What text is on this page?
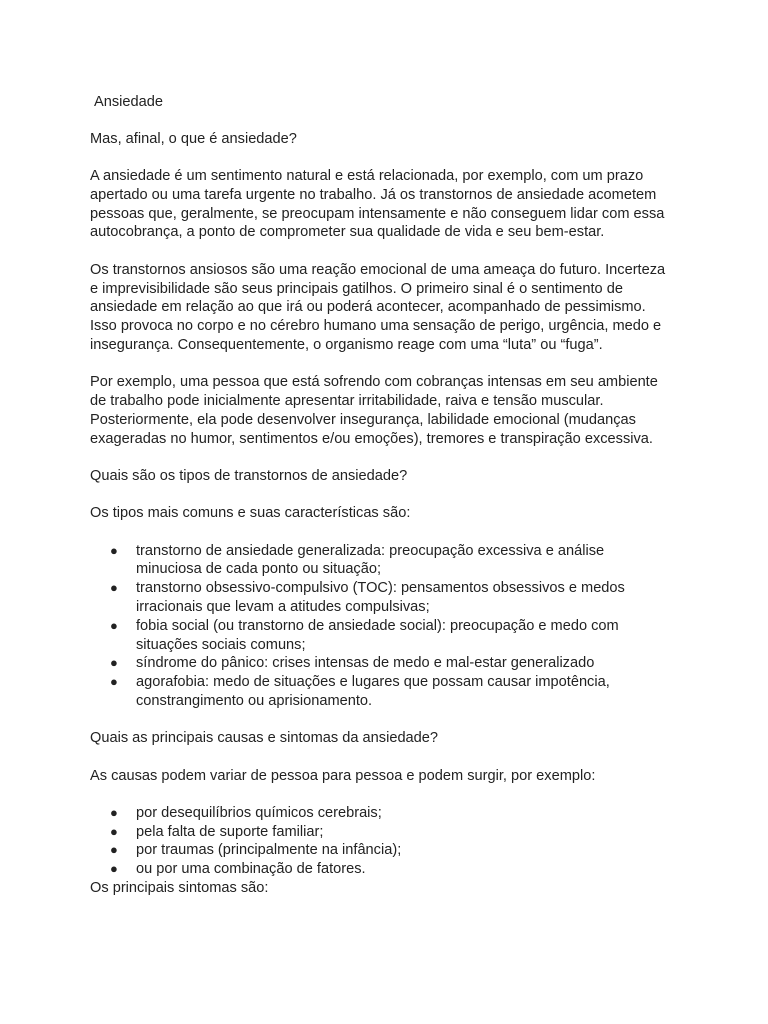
Ansiedade

Mas, afinal, o que é ansiedade?

A ansiedade é um sentimento natural e está relacionada, por exemplo, com um prazo apertado ou uma tarefa urgente no trabalho. Já os transtornos de ansiedade acometem pessoas que, geralmente, se preocupam intensamente e não conseguem lidar com essa autocobrança, a ponto de comprometer sua qualidade de vida e seu bem-estar.

Os transtornos ansiosos são uma reação emocional de uma ameaça do futuro. Incerteza e imprevisibilidade são seus principais gatilhos. O primeiro sinal é o sentimento de ansiedade em relação ao que irá ou poderá acontecer, acompanhado de pessimismo. Isso provoca no corpo e no cérebro humano uma sensação de perigo, urgência, medo e insegurança. Consequentemente, o organismo reage com uma “luta” ou “fuga”.

Por exemplo, uma pessoa que está sofrendo com cobranças intensas em seu ambiente de trabalho pode inicialmente apresentar irritabilidade, raiva e tensão muscular. Posteriormente, ela pode desenvolver insegurança, labilidade emocional (mudanças exageradas no humor, sentimentos e/ou emoções), tremores e transpiração excessiva.

Quais são os tipos de transtornos de ansiedade?

Os tipos mais comuns e suas características são:

● transtorno de ansiedade generalizada: preocupação excessiva e análise minuciosa de cada ponto ou situação;
● transtorno obsessivo-compulsivo (TOC): pensamentos obsessivos e medos irracionais que levam a atitudes compulsivas;
● fobia social (ou transtorno de ansiedade social): preocupação e medo com situações sociais comuns;
● síndrome do pânico: crises intensas de medo e mal-estar generalizado
● agorafobia: medo de situações e lugares que possam causar impotência, constrangimento ou aprisionamento.

Quais as principais causas e sintomas da ansiedade?

As causas podem variar de pessoa para pessoa e podem surgir, por exemplo:

● por desequilíbrios químicos cerebrais;
● pela falta de suporte familiar;
● por traumas (principalmente na infância);
● ou por uma combinação de fatores.

Os principais sintomas são:
